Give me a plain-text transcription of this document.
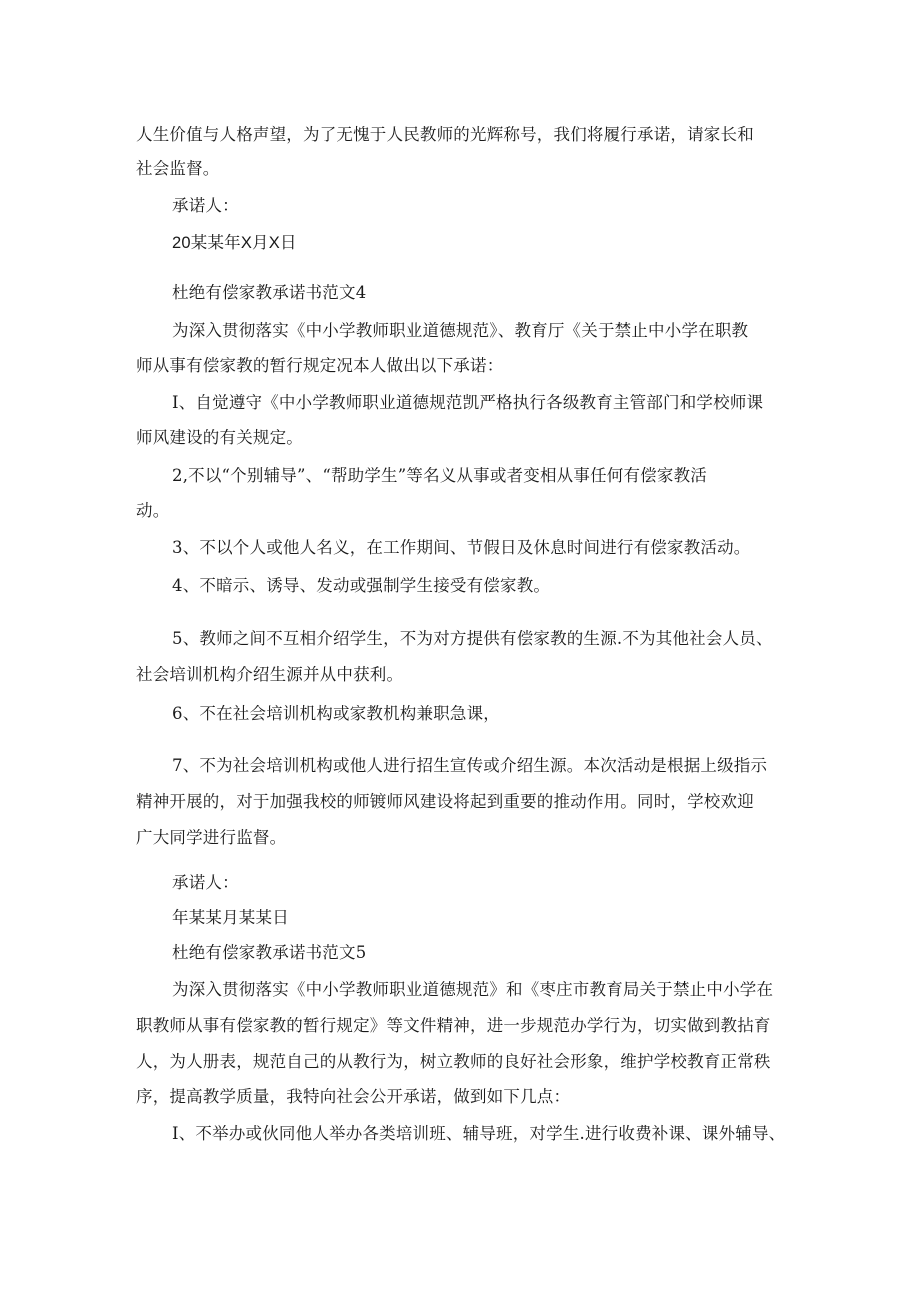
人生价值与人格声望，为了无愧于人民教师的光辉称号，我们将履行承诺，请家长和
社会监督。
承诺人：
20某某年X月X日
杜绝有偿家教承诺书范文4
为深入贯彻落实《中小学教师职业道德规范》、教育厅《关于禁止中小学在职教
师从事有偿家教的暂行规定况本人做出以下承诺：
I、自觉遵守《中小学教师职业道德规范凯严格执行各级教育主管部门和学校师课
师风建设的有关规定。
2,不以“个别辅导”、“帮助学生”等名义从事或者变相从事任何有偿家教活
动。
3、不以个人或他人名义，在工作期间、节假日及休息时间进行有偿家教活动。
4、不暗示、诱导、发动或强制学生接受有偿家教。
5、教师之间不互相介绍学生，不为对方提供有偿家教的生源.不为其他社会人员、
社会培训机构介绍生源并从中获利。
6、不在社会培训机构或家教机构兼职急课，
7、不为社会培训机构或他人进行招生宣传或介绍生源。本次活动是根据上级指示
精神开展的，对于加强我校的师镀师风建设将起到重要的推动作用。同时，学校欢迎
广大同学进行监督。
承诺人：
年某某月某某日
杜绝有偿家教承诺书范文5
为深入贯彻落实《中小学教师职业道德规范》和《枣庄市教育局关于禁止中小学在
职教师从事有偿家教的暂行规定》等文件精神，进一步规范办学行为，切实做到教拈育
人，为人册表，规范自己的从教行为，树立教师的良好社会形象，维护学校教育正常秩
序，提高教学质量，我特向社会公开承诺，做到如下几点：
I、不举办或伙同他人举办各类培训班、辅导班，对学生.进行收费补课、课外辅导、
